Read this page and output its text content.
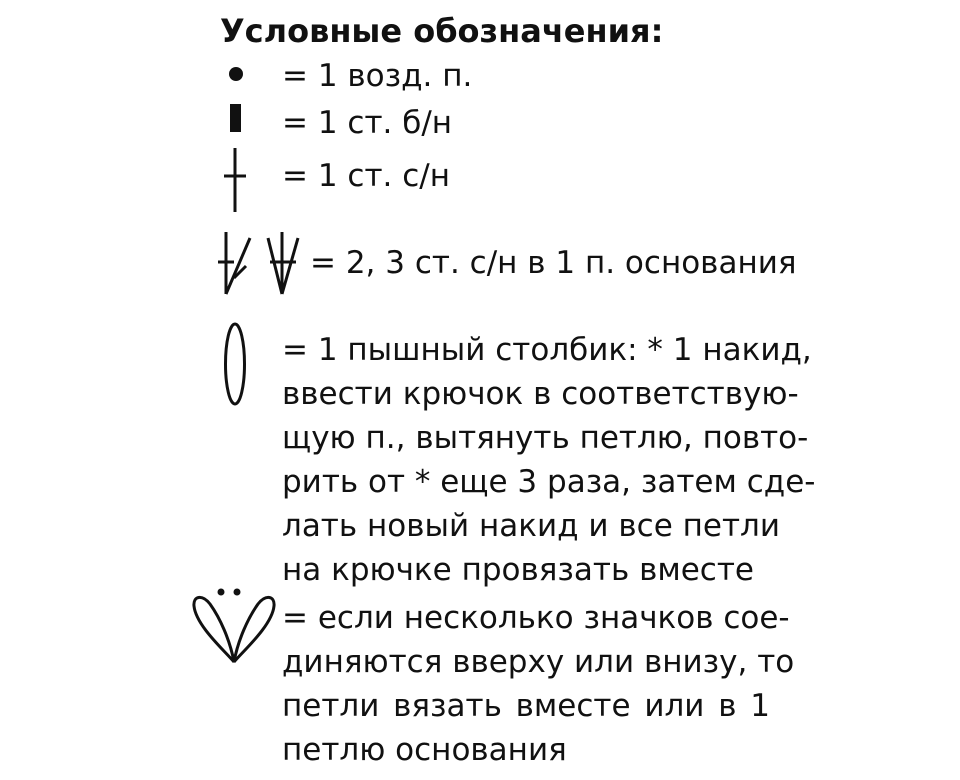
Условные обозначения:
= 1 возд. п.
= 1 ст. б/н
= 1 ст. с/н
= 2, 3 ст. с/н в 1 п. основания
= 1 пышный столбик: * 1 накид,
ввести крючок в соответствую-
щую п., вытянуть петлю, повто-
рить от * еще 3 раза, затем сде-
лать новый накид и все петли
на крючке провязать вместе
= если несколько значков сое-
диняются вверху или внизу, то
петли вязать вместе или в 1
петлю основания
